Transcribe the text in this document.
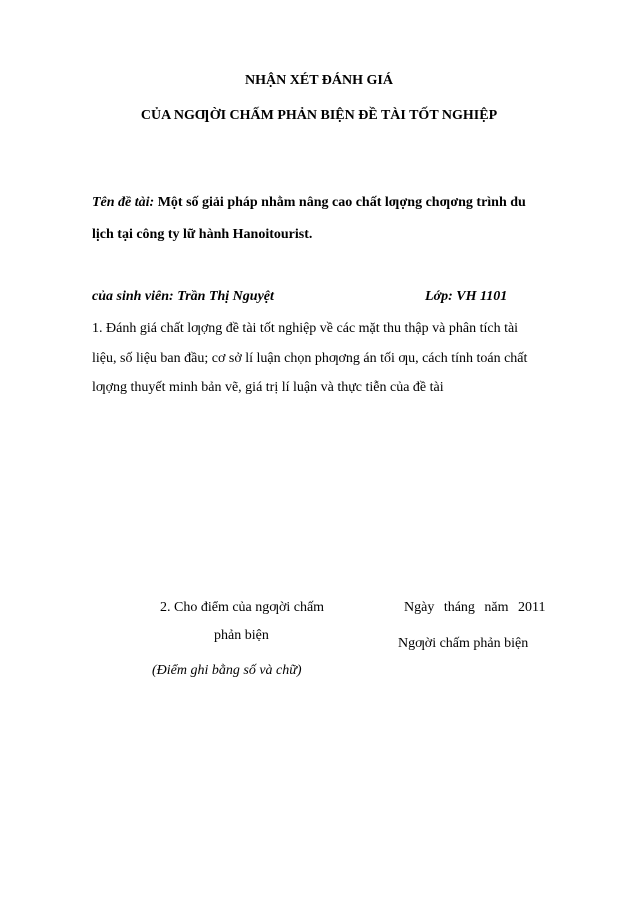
NHẬN XÉT ĐÁNH GIÁ
CỦA NGƢỜI CHẤM PHẢN BIỆN ĐỀ TÀI TỐT NGHIỆP
Tên đề tài: Một số giải pháp nhằm nâng cao chất lƣợng chƣơng trình du
lịch tại công ty lữ hành Hanoitourist.
của sinh viên: Trần Thị Nguyệt	Lớp: VH 1101
1. Đánh giá chất lƣợng đề tài tốt nghiệp về các mặt thu thập và phân tích tài
liệu, số liệu ban đầu; cơ sở lí luận chọn phƣơng án tối ƣu, cách tính toán chất
lƣợng thuyết minh bản vẽ, giá trị lí luận và thực tiễn của đề tài
2. Cho điểm của ngƣời chấm
phản biện
(Điểm ghi bằng số và chữ)
Ngày tháng năm 2011
Ngƣời chấm phản biện
